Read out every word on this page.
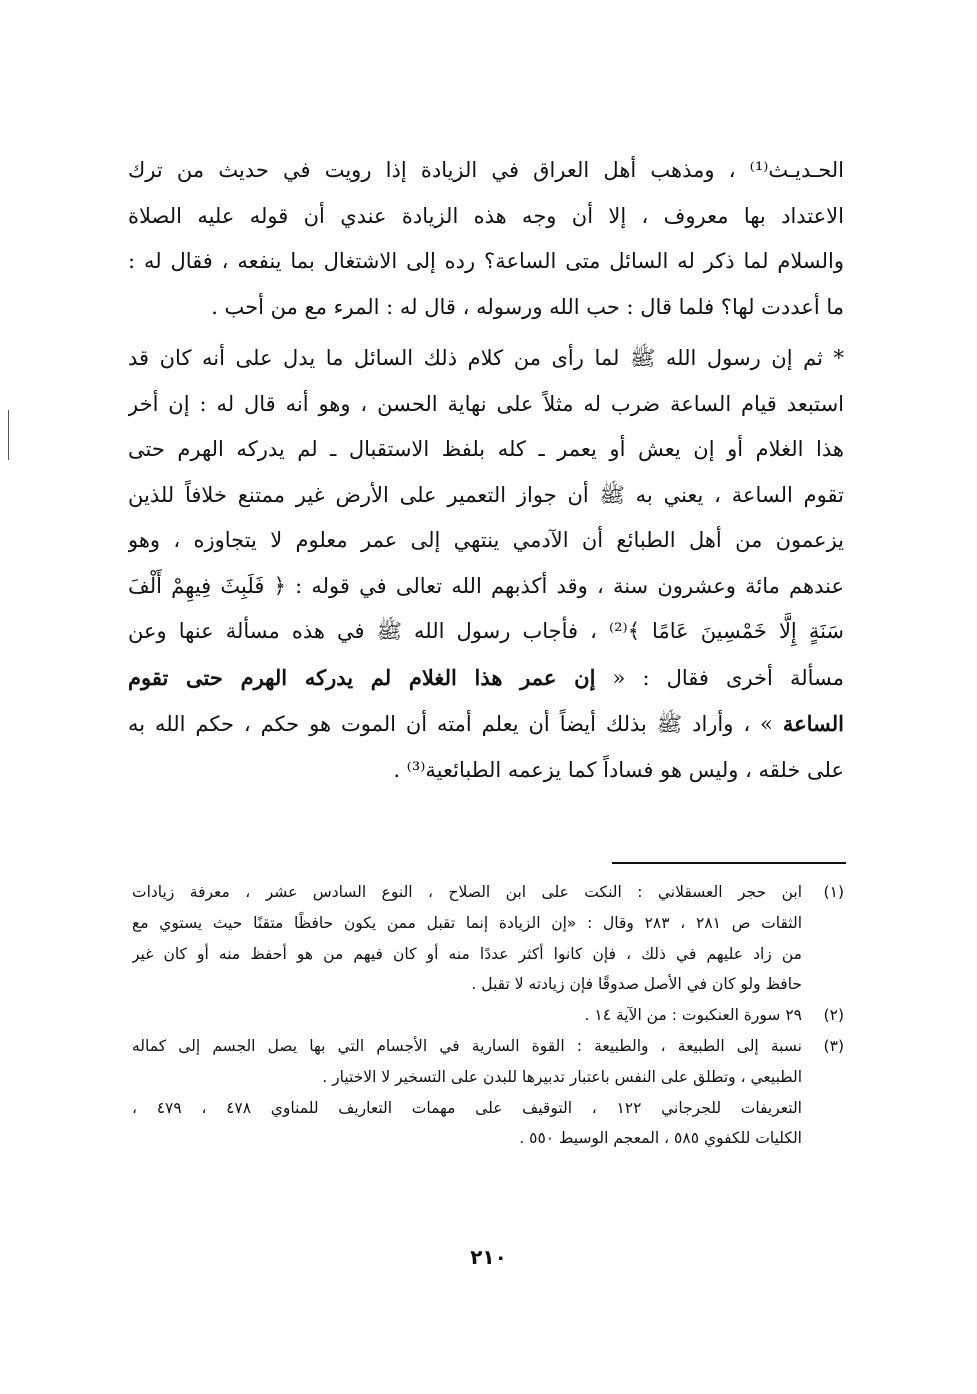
الحـديـث⁽¹⁾ ، ومذهب أهل العراق في الزيادة إذا رويت في حديث من ترك
الاعتداد بها معروف ، إلا أن وجه هذه الزيادة عندي أن قوله عليه الصلاة
والسلام لما ذكر له السائل متى الساعة؟ رده إلى الاشتغال بما ينفعه ، فقال له :
ما أعددت لها؟ فلما قال : حب الله ورسوله ، قال له : المرء مع من أحب .
* ثم إن رسول الله ﷺ لما رأى من كلام ذلك السائل ما يدل على أنه كان قد
استبعد قيام الساعة ضرب له مثلاً على نهاية الحسن ، وهو أنه قال له : إن أخر
هذا الغلام أو إن يعش أو يعمر ـ كله بلفظ الاستقبال ـ لم يدركه الهرم حتى
تقوم الساعة ، يعني به ﷺ أن جواز التعمير على الأرض غير ممتنع خلافاً للذين
يزعمون من أهل الطبائع أن الآدمي ينتهي إلى عمر معلوم لا يتجاوزه ، وهو
عندهم مائة وعشرون سنة ، وقد أكذبهم الله تعالى في قوله : ﴿ فَلَبِثَ فِيهِمْ أَلْفَ
سَنَةٍ إِلَّا خَمْسِينَ عَامًا ﴾⁽²⁾ ، فأجاب رسول الله ﷺ في هذه مسألة عنها وعن
مسألة أخرى فقال : « إن عمر هذا الغلام لم يدركه الهرم حتى تقوم
الساعة » ، وأراد ﷺ بذلك أيضاً أن يعلم أمته أن الموت هو حكم ، حكم الله به
على خلقه ، وليس هو فساداً كما يزعمه الطبائعية⁽³⁾ .
(١)
ابن حجر العسقلاني : النكت على ابن الصلاح ، النوع السادس عشر ، معرفة زيادات
الثقات ص ٢٨١ ، ٢٨٣ وقال : «إن الزيادة إنما تقبل ممن يكون حافظًا متقنًا حيث يستوي مع
من زاد عليهم في ذلك ، فإن كانوا أكثر عددًا منه أو كان فيهم من هو أحفظ منه أو كان غير
حافظ ولو كان في الأصل صدوقًا فإن زيادته لا تقبل .
(٢)
٢٩ سورة العنكبوت : من الآية ١٤ .
(٣)
نسبة إلى الطبيعة ، والطبيعة : القوة السارية في الأجسام التي بها يصل الجسم إلى كماله
الطبيعي ، وتطلق على النفس باعتبار تدبيرها للبدن على التسخير لا الاختيار .
التعريفات للجرجاني ١٢٢ ، التوقيف على مهمات التعاريف للمناوي ٤٧٨ ، ٤٧٩ ،
الكليات للكفوي ٥٨٥ ، المعجم الوسيط ٥٥٠ .
٢١٠
